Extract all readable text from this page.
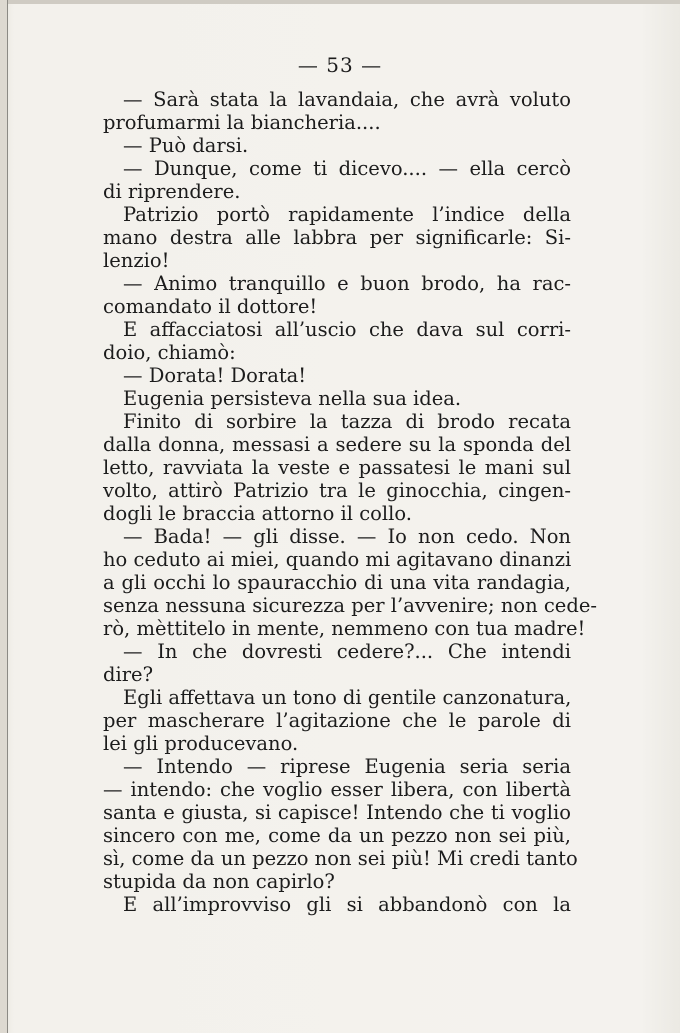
— 53 —
— Sarà stata la lavandaia, che avrà voluto
profumarmi la biancheria....
— Può darsi.
— Dunque, come ti dicevo.... — ella cercò
di riprendere.
Patrizio portò rapidamente l’indice della
mano destra alle labbra per significarle: Si-
lenzio!
— Animo tranquillo e buon brodo, ha rac-
comandato il dottore!
E affacciatosi all’uscio che dava sul corri-
doio, chiamò:
— Dorata! Dorata!
Eugenia persisteva nella sua idea.
Finito di sorbire la tazza di brodo recata
dalla donna, messasi a sedere su la sponda del
letto, ravviata la veste e passatesi le mani sul
volto, attirò Patrizio tra le ginocchia, cingen-
dogli le braccia attorno il collo.
— Bada! — gli disse. — Io non cedo. Non
ho ceduto ai miei, quando mi agitavano dinanzi
a gli occhi lo spauracchio di una vita randagia,
senza nessuna sicurezza per l’avvenire; non cede-
rò, mèttitelo in mente, nemmeno con tua madre!
— In che dovresti cedere?... Che intendi
dire?
Egli affettava un tono di gentile canzonatura,
per mascherare l’agitazione che le parole di
lei gli producevano.
— Intendo — riprese Eugenia seria seria
— intendo: che voglio esser libera, con libertà
santa e giusta, si capisce! Intendo che ti voglio
sincero con me, come da un pezzo non sei più,
sì, come da un pezzo non sei più! Mi credi tanto
stupida da non capirlo?
E all’improvviso gli si abbandonò con la
